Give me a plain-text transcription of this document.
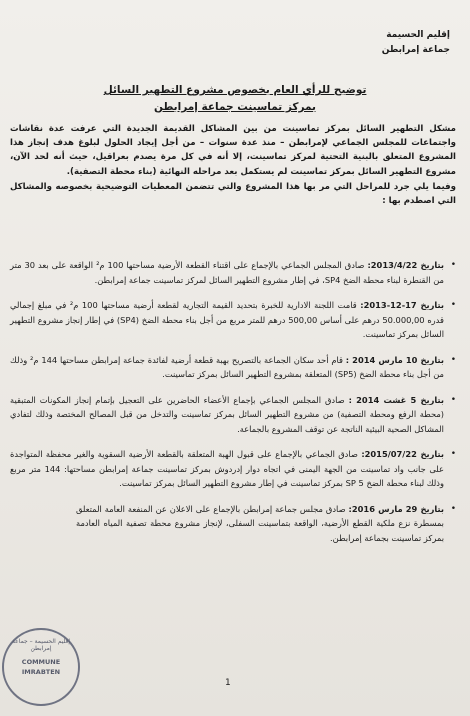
إقليم الحسيمة
جماعة إمرابطن
توضيح للرأي العام بخصوص مشروع التطهير السائل
بمركز تماسينت جماعة إمرابطن

مشكل التطهير السائل بمركز تماسينت من بين المشاكل القديمة الجديدة التي عرفت عدة نقاشات واجتماعات للمجلس الجماعي لإمرابطن – منذ عدة سنوات – من أجل إيجاد الحلول لبلوغ هدف إنجاز هذا المشروع المتعلق بالبنية التحتية لمركز تماسينت، إلا أنه في كل مرة يصدم بعراقيل، حيث أنه لحد الآن، مشروع التطهير السائل بمركز تماسينت لم يستكمل بعد مراحله النهائية (بناء محطة التصفية).

وفيما يلي جرد للمراحل التي مر بها هذا المشروع والتي تتضمن المعطيات التوضيحية بخصوصه والمشاكل التي اصطدم بها :

•
بتاريخ 2013/4/22: صادق المجلس الجماعي بالإجماع على اقتناء القطعة الأرضية مساحتها 100 م² الواقعة على بعد 30 متر من القنطرة لبناء محطة الضخ SP4، في إطار مشروع التطهير السائل لمركز تماسينت جماعة إمرابطن.
•
بتاريخ 17-12-2013: قامت اللجنة الادارية للخبرة بتحديد القيمة التجارية لقطعة أرضية مساحتها 100 م² في مبلغ إجمالي قدره 50.000,00 درهم على أساس 500,00 درهم للمتر مربع من أجل بناء محطة الضخ (SP4) في إطار إنجاز مشروع التطهير السائل بمركز تماسينت.
•
بتاريخ 10 مارس 2014 : قام أحد سكان الجماعة بالتصريح بهبة قطعة أرضية لفائدة جماعة إمرابطن مساحتها 144 م² وذلك من أجل بناء محطة الضخ (SP5) المتعلقة بمشروع التطهير السائل بمركز تماسينت.
•
بتاريخ 5 غشت 2014 : صادق المجلس الجماعي بإجماع الأعضاء الحاضرين على التعجيل بإتمام إنجاز المكونات المتبقية (محطة الرفع ومحطة التصفية) من مشروع التطهير السائل بمركز تماسينت والتدخل من قبل المصالح المختصة وذلك لتفادي المشاكل الصحية البيئية الناتجة عن توقف المشروع بالجماعة.
•
بتاريخ 2015/07/22: صادق الجماعي بالإجماع على قبول الهبة المتعلقة بالقطعة الأرضية السقوية والغير محفظة المتواجدة على جانب واد تماسينت من الجهة اليمنى في اتجاه دوار إدردوش بمركز تماسينت جماعة إمرابطن مساحتها: 144 متر مربع وذلك لبناء محطة الضخ SP 5 بمركز تماسينت في إطار مشروع التطهير السائل بمركز تماسينت.
•
بتاريخ 29 مارس 2016: صادق مجلس جماعة إمرابطن بالإجماع على الاعلان عن المنفعة العامة المتعلق بمسطرة نزع ملكية القطع الأرضية، الواقعة بتماسينت السفلى، لإنجاز مشروع محطة تصفية المياه العادمة بمركز تماسينت بجماعة إمرابطن.
إقليم الحسيمة – جماعة إمرابطن
COMMUNE
IMRABTEN
1
